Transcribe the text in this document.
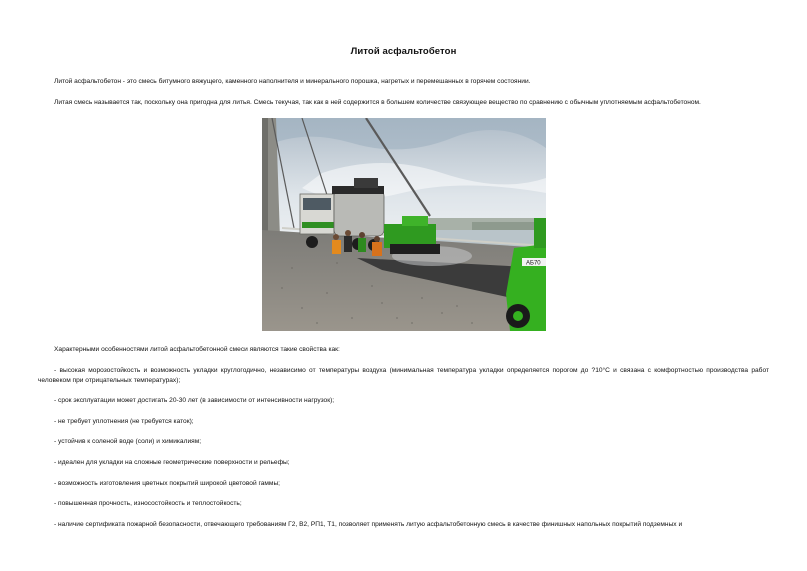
Литой асфальтобетон
Литой асфальтобетон - это смесь битумного вяжущего, каменного наполнителя и минерального порошка, нагретых и перемешанных в горячем состоянии.
Литая смесь называется так, поскольку она пригодна для литья. Смесь текучая, так как в ней содержится в большем количестве связующее вещество по сравнению с обычным уплотняемым асфальтобетоном.
АБ70
Характерными особенностями литой асфальтобетонной смеси являются такие свойства как:
- высокая морозостойкость и возможность укладки круглогодично, независимо от температуры воздуха (минимальная температура укладки определяется порогом до ?10°С и связана с комфортностью производства работ человеком при отрицательных температурах);
- срок эксплуатации может достигать 20-30 лет (в зависимости от интенсивности нагрузок);
- не требует уплотнения (не требуется каток);
- устойчив к соленой воде (соли) и химикалиям;
- идеален для укладки на сложные геометрические поверхности и рельефы;
- возможность изготовления цветных покрытий широкой цветовой гаммы;
- повышенная прочность, износостойкость и теплостойкость;
- наличие сертификата пожарной безопасности, отвечающего требованиям Г2, В2, РП1, Т1, позволяет применять литую асфальтобетонную смесь в качестве финишных напольных покрытий подземных и
